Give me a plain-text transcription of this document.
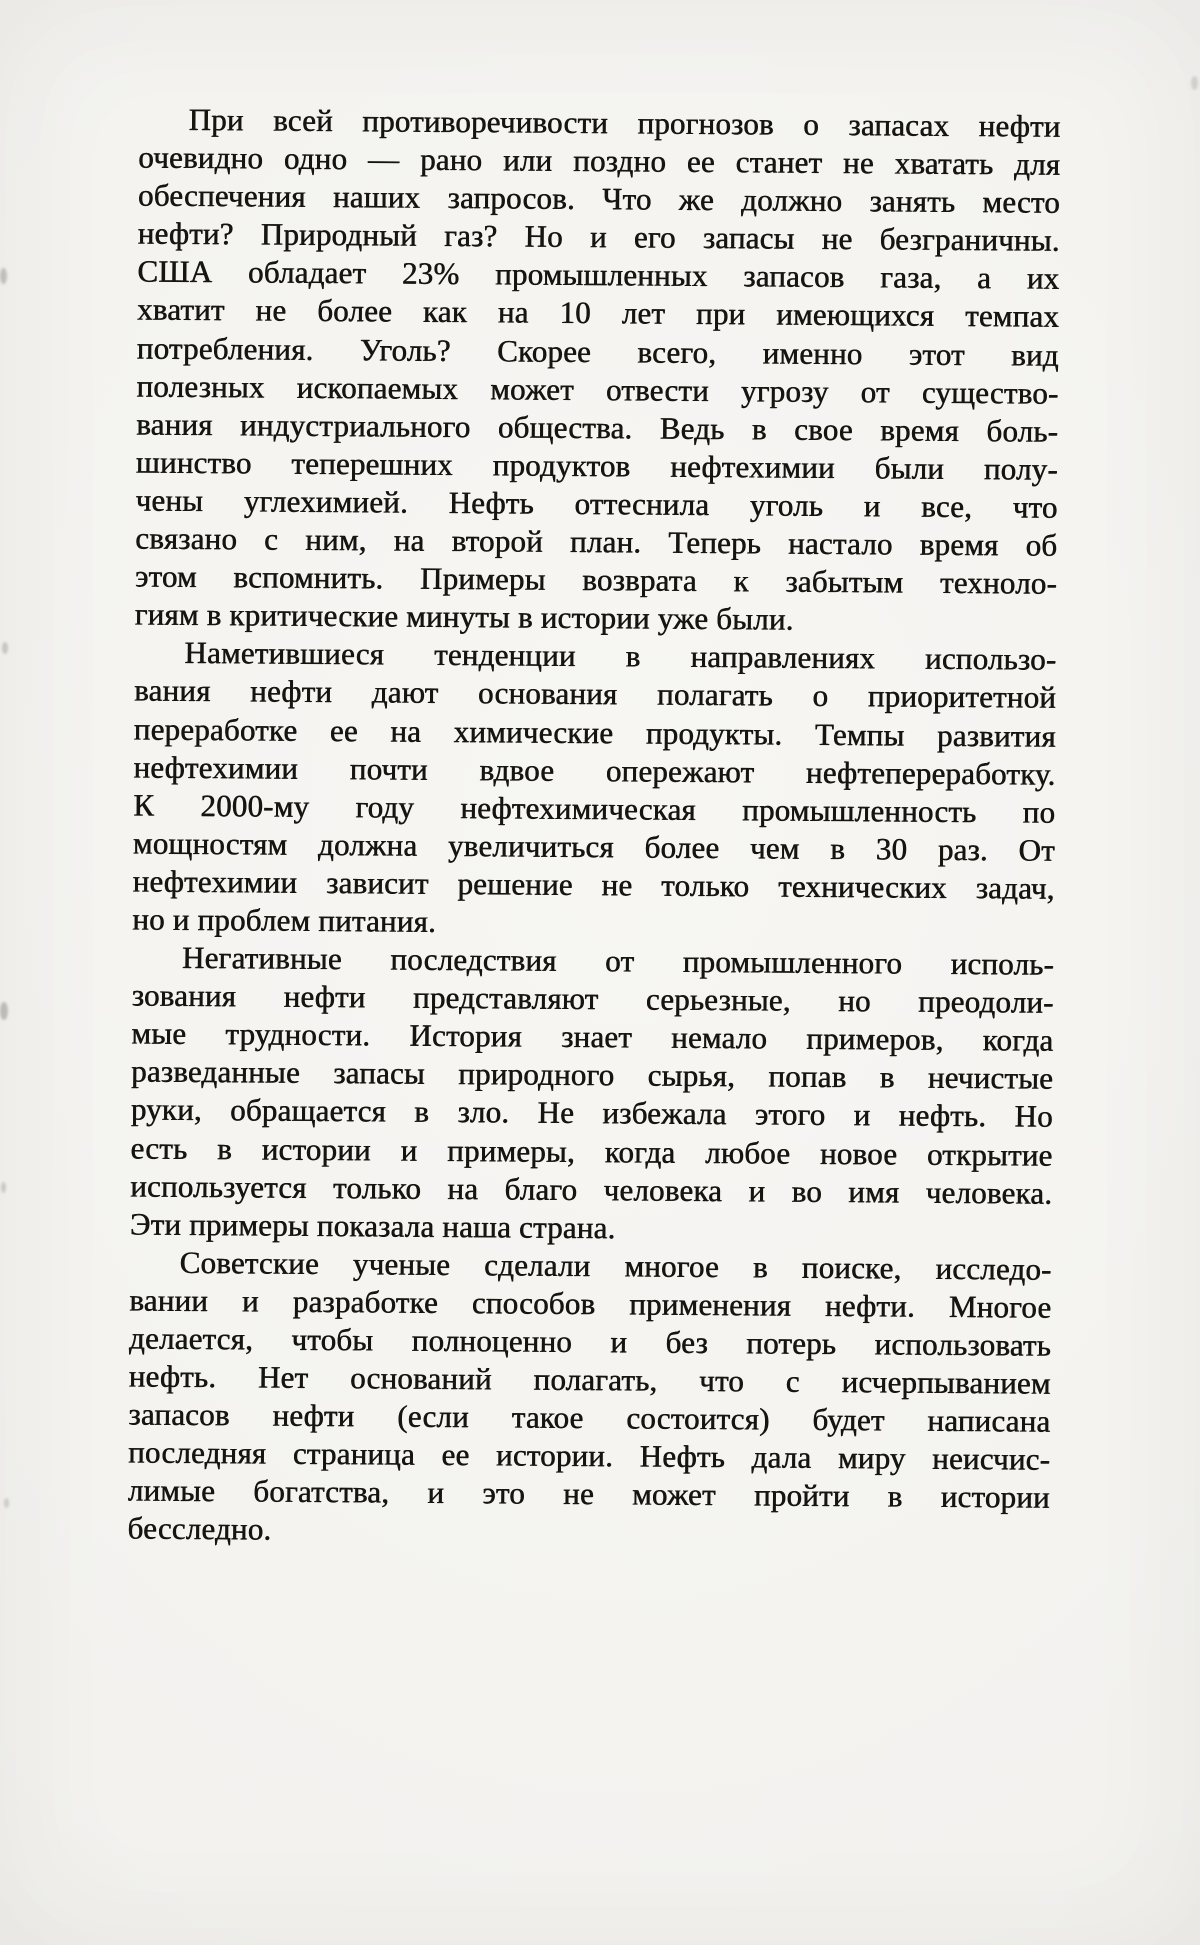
При всей противоречивости прогнозов о запасах нефти
очевидно одно — рано или поздно ее станет не хватать для
обеспечения наших запросов. Что же должно занять место
нефти? Природный газ? Но и его запасы не безграничны.
США обладает 23% промышленных запасов газа, а их
хватит не более как на 10 лет при имеющихся темпах
потребления. Уголь? Скорее всего, именно этот вид
полезных ископаемых может отвести угрозу от существо-
вания индустриального общества. Ведь в свое время боль-
шинство теперешних продуктов нефтехимии были полу-
чены углехимией. Нефть оттеснила уголь и все, что
связано с ним, на второй план. Теперь настало время об
этом вспомнить. Примеры возврата к забытым техноло-
гиям в критические минуты в истории уже были.
Наметившиеся тенденции в направлениях использо-
вания нефти дают основания полагать о приоритетной
переработке ее на химические продукты. Темпы развития
нефтехимии почти вдвое опережают нефтепереработку.
К 2000-му году нефтехимическая промышленность по
мощностям должна увеличиться более чем в 30 раз. От
нефтехимии зависит решение не только технических задач,
но и проблем питания.
Негативные последствия от промышленного исполь-
зования нефти представляют серьезные, но преодоли-
мые трудности. История знает немало примеров, когда
разведанные запасы природного сырья, попав в нечистые
руки, обращается в зло. Не избежала этого и нефть. Но
есть в истории и примеры, когда любое новое открытие
используется только на благо человека и во имя человека.
Эти примеры показала наша страна.
Советские ученые сделали многое в поиске, исследо-
вании и разработке способов применения нефти. Многое
делается, чтобы полноценно и без потерь использовать
нефть. Нет оснований полагать, что с исчерпыванием
запасов нефти (если такое состоится) будет написана
последняя страница ее истории. Нефть дала миру неисчис-
лимые богатства, и это не может пройти в истории
бесследно.
